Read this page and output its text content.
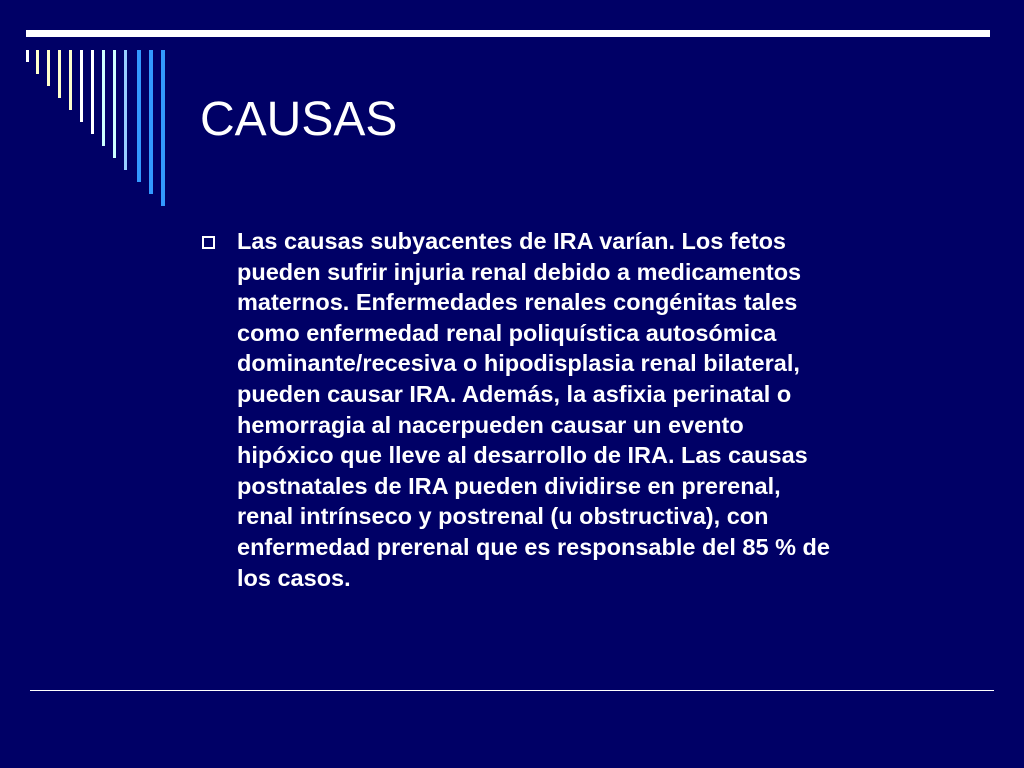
CAUSAS
Las causas subyacentes de IRA varían. Los fetos
pueden sufrir injuria renal debido a medicamentos
maternos. Enfermedades renales congénitas tales
como enfermedad renal poliquística autosómica
dominante/recesiva o hipodisplasia renal bilateral,
pueden causar IRA. Además, la asfixia perinatal o
hemorragia al nacerpueden causar un evento
hipóxico que lleve al desarrollo de IRA. Las causas
postnatales de IRA pueden dividirse en prerenal,
renal intrínseco y postrenal (u obstructiva), con
enfermedad prerenal que es responsable del 85 % de
los casos.
